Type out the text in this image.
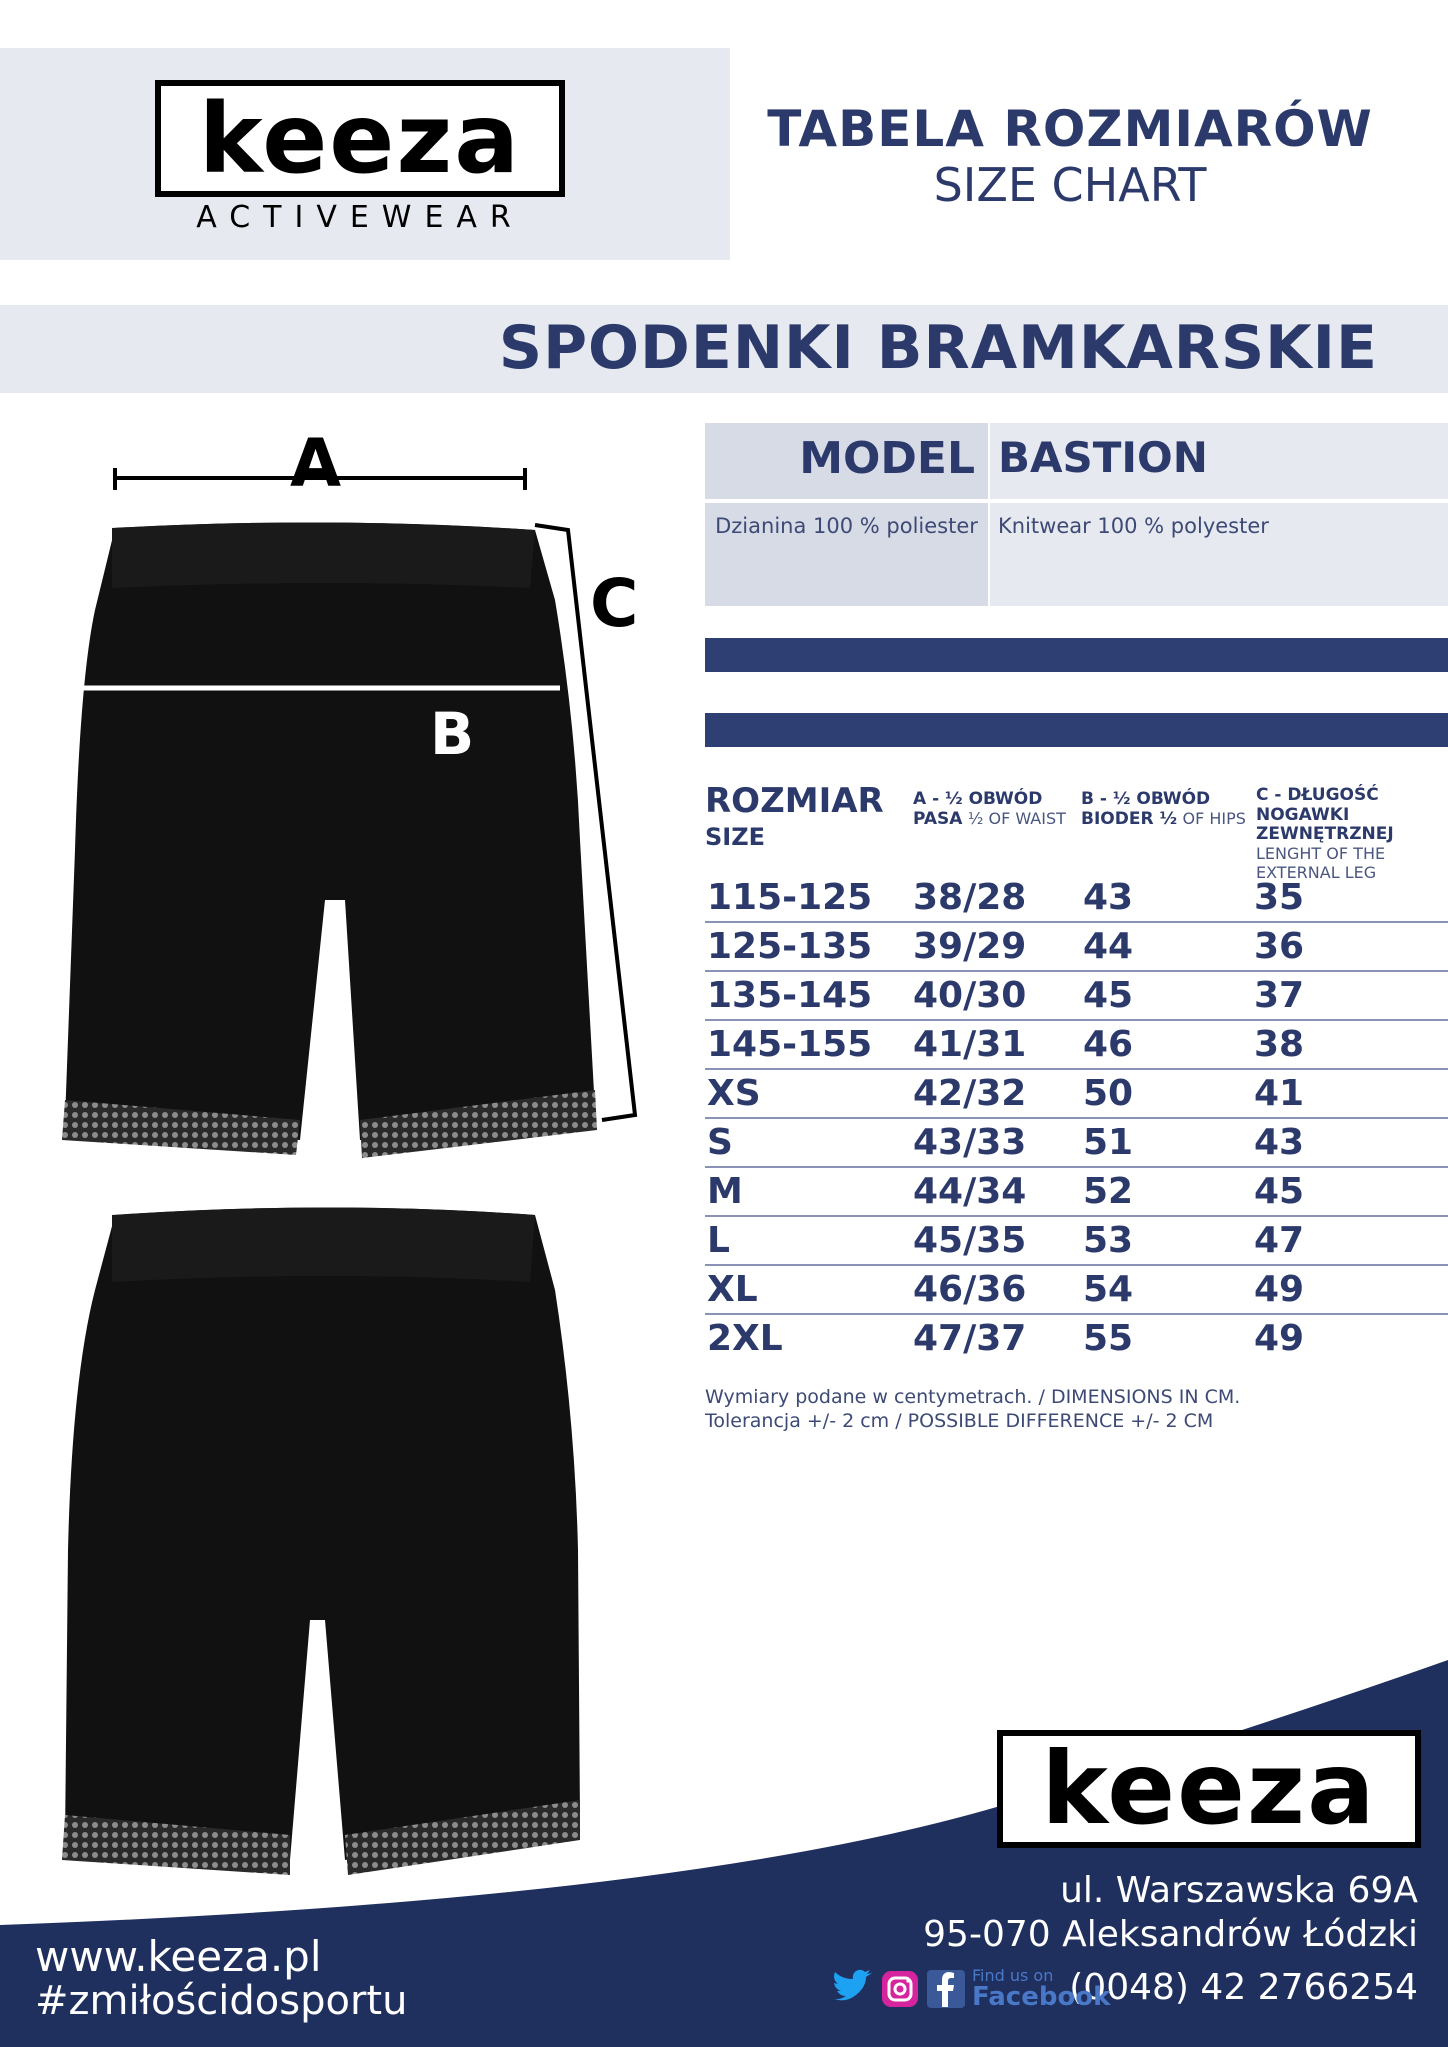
keeza
ACTIVEWEAR
TABELA ROZMIARÓW
SIZE CHART
SPODENKI BRAMKARSKIE
MODEL BASTION
Dzianina 100 % poliester Knitwear 100 % polyester
ROZMIAR
SIZE
A - ½ OBWÓD PASA ½ OF WAIST
B - ½ OBWÓD BIODER ½ OF HIPS
C - DŁUGOŚĆ NOGAWKI ZEWNĘTRZNEJ LENGHT OF THE EXTERNAL LEG
115-125 38/28 43	35
125-135 39/29 44	36
135-145 40/30 45	37
145-155 41/31 46	38
XS	42/32 50	41
S	43/33 51	43
M	44/34 52	45
L	45/35 53	47
XL	46/36 54	49
2XL	47/37 55	49
Wymiary podane w centymetrach. / DIMENSIONS IN CM.
Tolerancja +/- 2 cm / POSSIBLE DIFFERENCE +/- 2 CM
A
B
C
keeza
ul. Warszawska 69A
95-070 Aleksandrów Łódzki
(0048) 42 2766254
www.keeza.pl
#zmiłościdosportu
Find us on
Facebook
